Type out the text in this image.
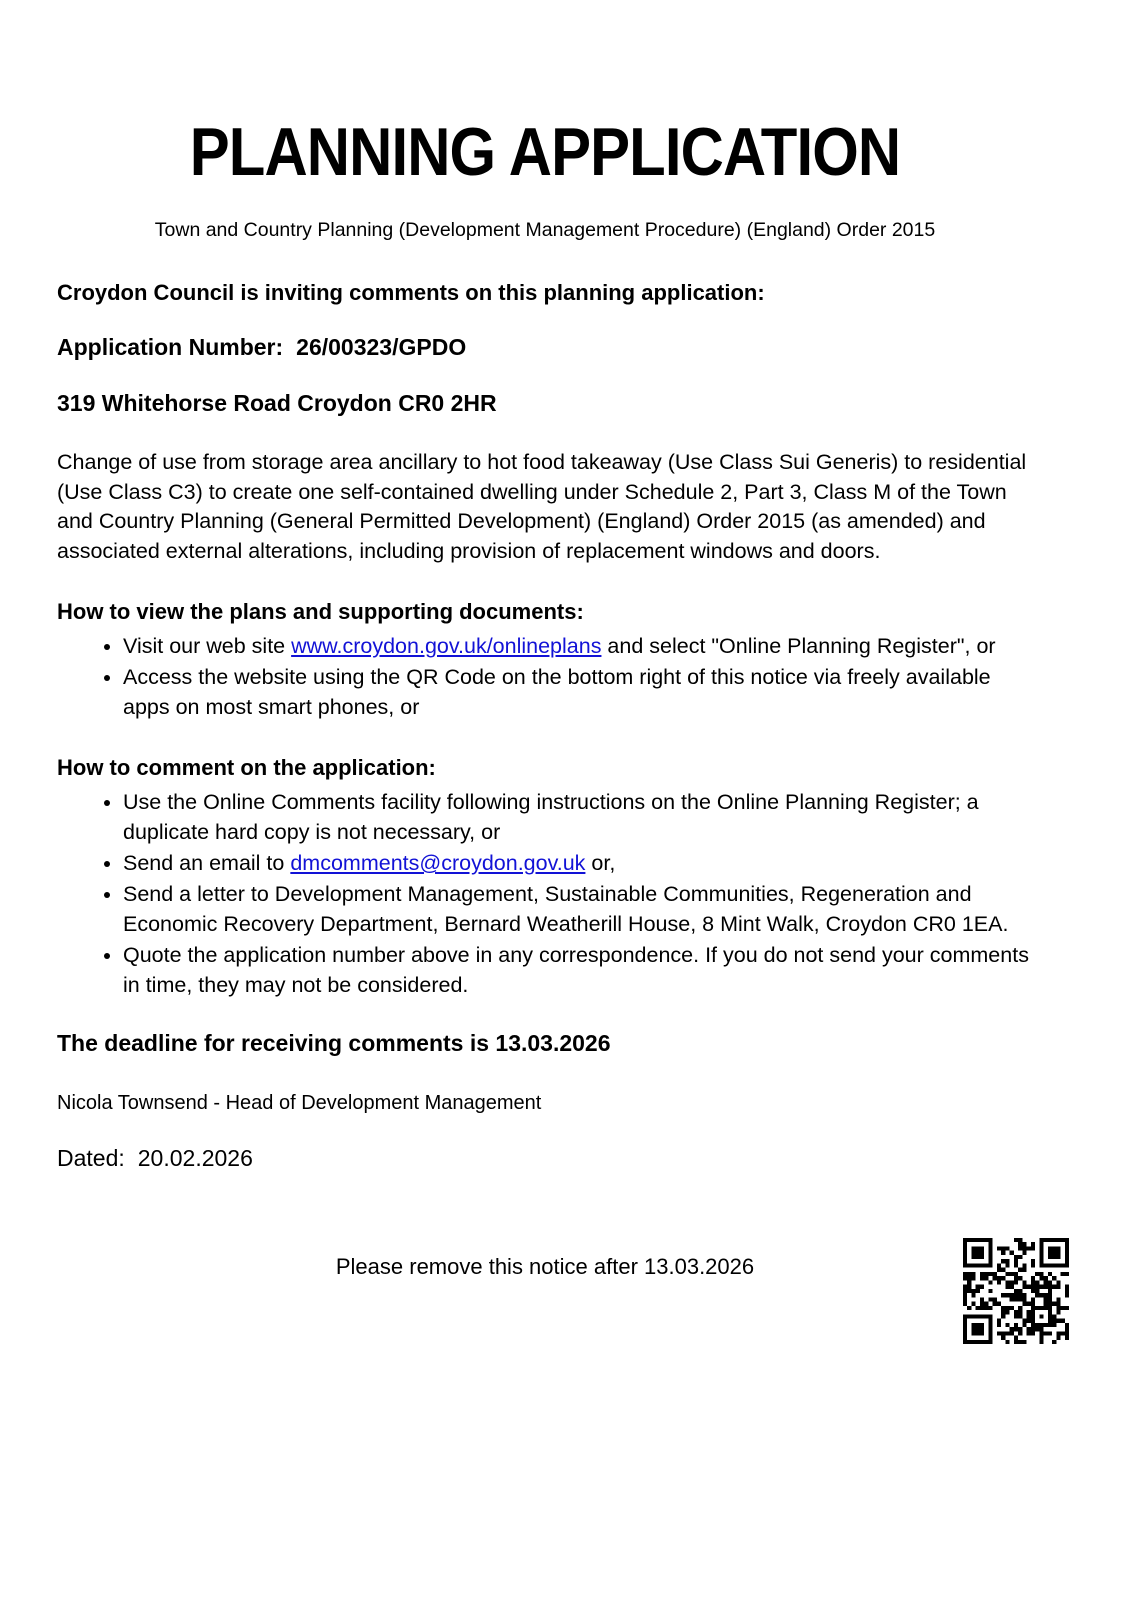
PLANNING APPLICATION

Town and Country Planning (Development Management Procedure) (England) Order 2015

Croydon Council is inviting comments on this planning application:

Application Number: 26/00323/GPDO

319 Whitehorse Road Croydon CR0 2HR

Change of use from storage area ancillary to hot food takeaway (Use Class Sui Generis) to residential (Use Class C3) to create one self-contained dwelling under Schedule 2, Part 3, Class M of the Town and Country Planning (General Permitted Development) (England) Order 2015 (as amended) and associated external alterations, including provision of replacement windows and doors.

How to view the plans and supporting documents:

• Visit our web site www.croydon.gov.uk/onlineplans and select "Online Planning Register", or
• Access the website using the QR Code on the bottom right of this notice via freely available apps on most smart phones, or

How to comment on the application:

• Use the Online Comments facility following instructions on the Online Planning Register; a duplicate hard copy is not necessary, or
• Send an email to dmcomments@croydon.gov.uk or,
• Send a letter to Development Management, Sustainable Communities, Regeneration and Economic Recovery Department, Bernard Weatherill House, 8 Mint Walk, Croydon CR0 1EA.
• Quote the application number above in any correspondence. If you do not send your comments in time, they may not be considered.

The deadline for receiving comments is 13.03.2026

Nicola Townsend - Head of Development Management

Dated: 20.02.2026

Please remove this notice after 13.03.2026
